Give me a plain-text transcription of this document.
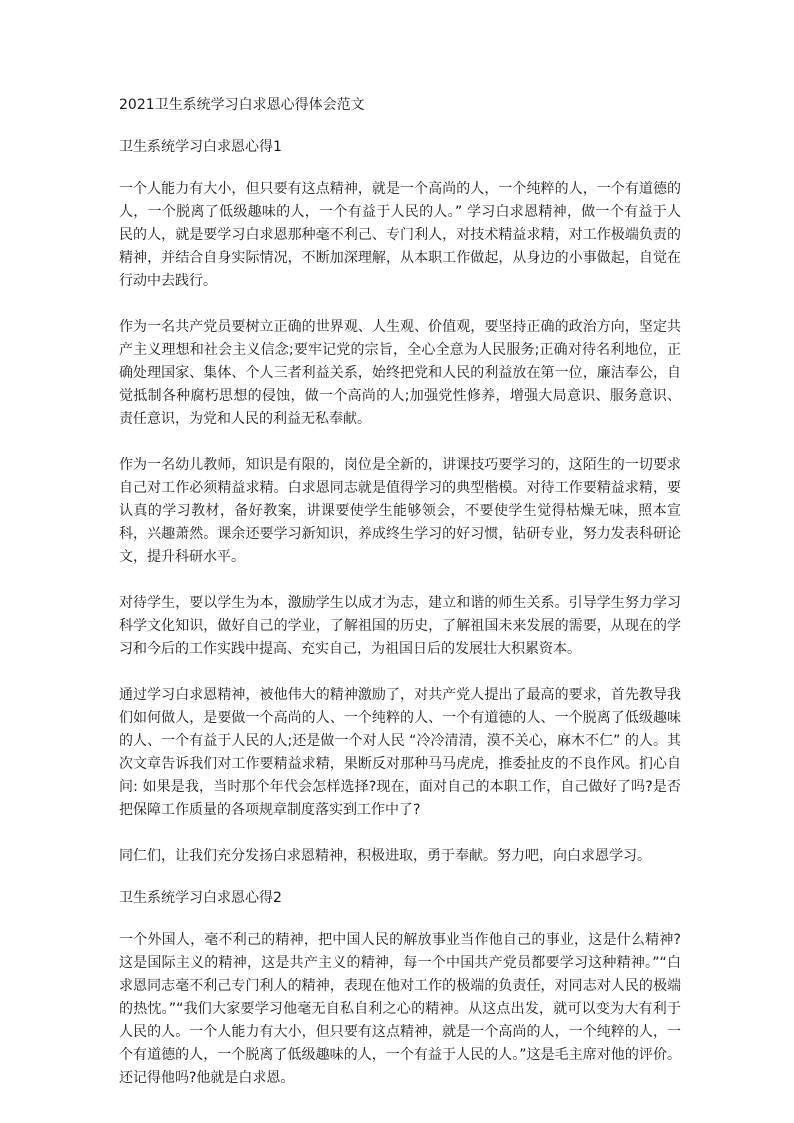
2021卫生系统学习白求恩心得体会范文
卫生系统学习白求恩心得1

一个人能力有大小，但只要有这点精神，就是一个高尚的人，一个纯粹的人，一个有道德的人，一个脱离了低级趣味的人，一个有益于人民的人。” 学习白求恩精神，做一个有益于人民的人，就是要学习白求恩那种毫不利己、专门利人，对技术精益求精，对工作极端负责的精神，并结合自身实际情况，不断加深理解，从本职工作做起，从身边的小事做起，自觉在行动中去践行。

作为一名共产党员要树立正确的世界观、人生观、价值观，要坚持正确的政治方向，坚定共产主义理想和社会主义信念;要牢记党的宗旨，全心全意为人民服务;正确对待名利地位，正确处理国家、集体、个人三者利益关系，始终把党和人民的利益放在第一位，廉洁奉公，自觉抵制各种腐朽思想的侵蚀，做一个高尚的人;加强党性修养，增强大局意识、服务意识、责任意识，为党和人民的利益无私奉献。

作为一名幼儿教师，知识是有限的，岗位是全新的，讲课技巧要学习的，这陌生的一切要求自己对工作必须精益求精。白求恩同志就是值得学习的典型楷模。对待工作要精益求精，要认真的学习教材，备好教案，讲课要使学生能够领会，不要使学生觉得枯燥无味，照本宣科，兴趣萧然。课余还要学习新知识，养成终生学习的好习惯，钻研专业，努力发表科研论文，提升科研水平。

对待学生，要以学生为本，激励学生以成才为志，建立和谐的师生关系。引导学生努力学习科学文化知识，做好自己的学业，了解祖国的历史，了解祖国未来发展的需要，从现在的学习和今后的工作实践中提高、充实自己，为祖国日后的发展壮大积累资本。

通过学习白求恩精神，被他伟大的精神激励了，对共产党人提出了最高的要求，首先教导我们如何做人，是要做一个高尚的人、一个纯粹的人、一个有道德的人、一个脱离了低级趣味的人、一个有益于人民的人;还是做一个对人民 “冷冷清清，漠不关心，麻木不仁” 的人。其次文章告诉我们对工作要精益求精，果断反对那种马马虎虎，推委扯皮的不良作风。扪心自问: 如果是我，当时那个年代会怎样选择?现在，面对自己的本职工作，自己做好了吗?是否把保障工作质量的各项规章制度落实到工作中了?

同仁们，让我们充分发扬白求恩精神，积极进取，勇于奉献。努力吧，向白求恩学习。

卫生系统学习白求恩心得2

一个外国人，毫不利己的精神，把中国人民的解放事业当作他自己的事业，这是什么精神?这是国际主义的精神，这是共产主义的精神，每一个中国共产党员都要学习这种精神。”“白求恩同志毫不利己专门利人的精神，表现在他对工作的极端的负责任，对同志对人民的极端的热忱。”“我们大家要学习他毫无自私自利之心的精神。从这点出发，就可以变为大有利于人民的人。一个人能力有大小，但只要有这点精神，就是一个高尚的人，一个纯粹的人，一个有道德的人，一个脱离了低级趣味的人，一个有益于人民的人。”这是毛主席对他的评价。还记得他吗?他就是白求恩。
